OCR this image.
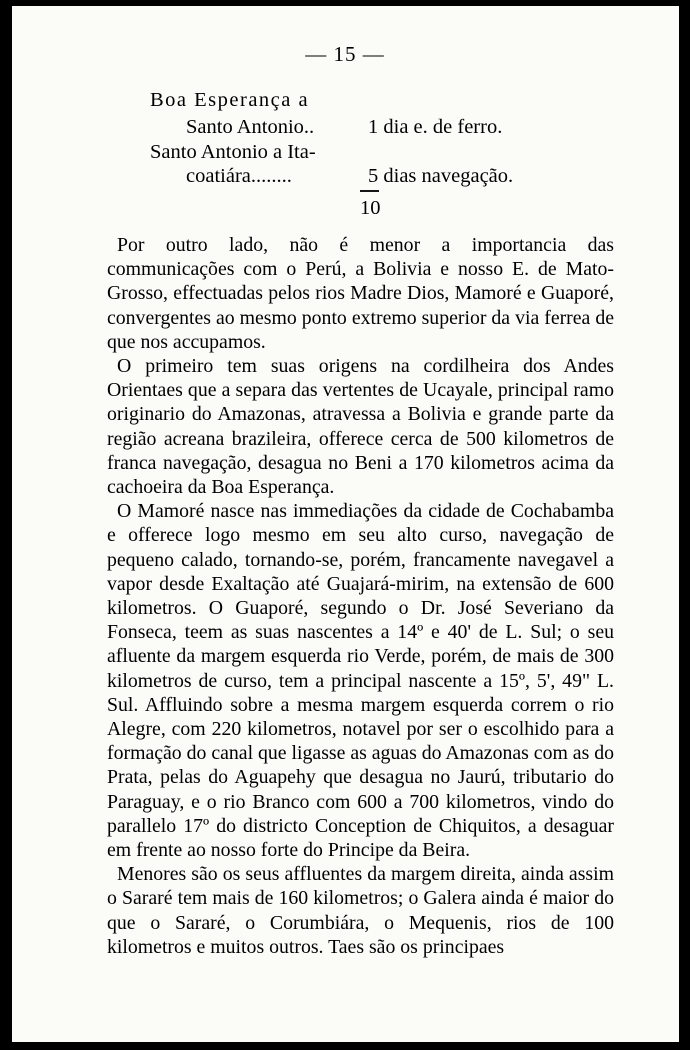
— 15 —
Boa Esperança a
Santo Antonio..	1 dia e. de ferro.
Santo Antonio a Ita-
coatiára........	5 dias navegação.
10

Por outro lado, não é menor a importancia das communicações com o Perú, a Bolivia e nosso E. de Mato-Grosso, effectuadas pelos rios Madre Dios, Mamoré e Guaporé, convergentes ao mesmo ponto extremo superior da via ferrea de que nos accupamos.

O primeiro tem suas origens na cordilheira dos Andes Orientaes que a separa das vertentes de Ucayale, principal ramo originario do Amazonas, atravessa a Bolivia e grande parte da região acreana brazileira, offerece cerca de 500 kilometros de franca navegação, desagua no Beni a 170 kilometros acima da cachoeira da Boa Esperança.

O Mamoré nasce nas immediações da cidade de Cochabamba e offerece logo mesmo em seu alto curso, navegação de pequeno calado, tornando-se, porém, francamente navegavel a vapor desde Exaltação até Guajará-mirim, na extensão de 600 kilometros. O Guaporé, segundo o Dr. José Severiano da Fonseca, teem as suas nascentes a 14º e 40' de L. Sul; o seu afluente da margem esquerda rio Verde, porém, de mais de 300 kilometros de curso, tem a principal nascente a 15º, 5', 49" L. Sul. Affluindo sobre a mesma margem esquerda correm o rio Alegre, com 220 kilometros, notavel por ser o escolhido para a formação do canal que ligasse as aguas do Amazonas com as do Prata, pelas do Aguapehy que desagua no Jaurú, tributario do Paraguay, e o rio Branco com 600 a 700 kilometros, vindo do parallelo 17º do districto Conception de Chiquitos, a desaguar em frente ao nosso forte do Principe da Beira.

Menores são os seus affluentes da margem direita, ainda assim o Sararé tem mais de 160 kilometros; o Galera ainda é maior do que o Sararé, o Corumbiára, o Mequenis, rios de 100 kilometros e muitos outros. Taes são os principaes
